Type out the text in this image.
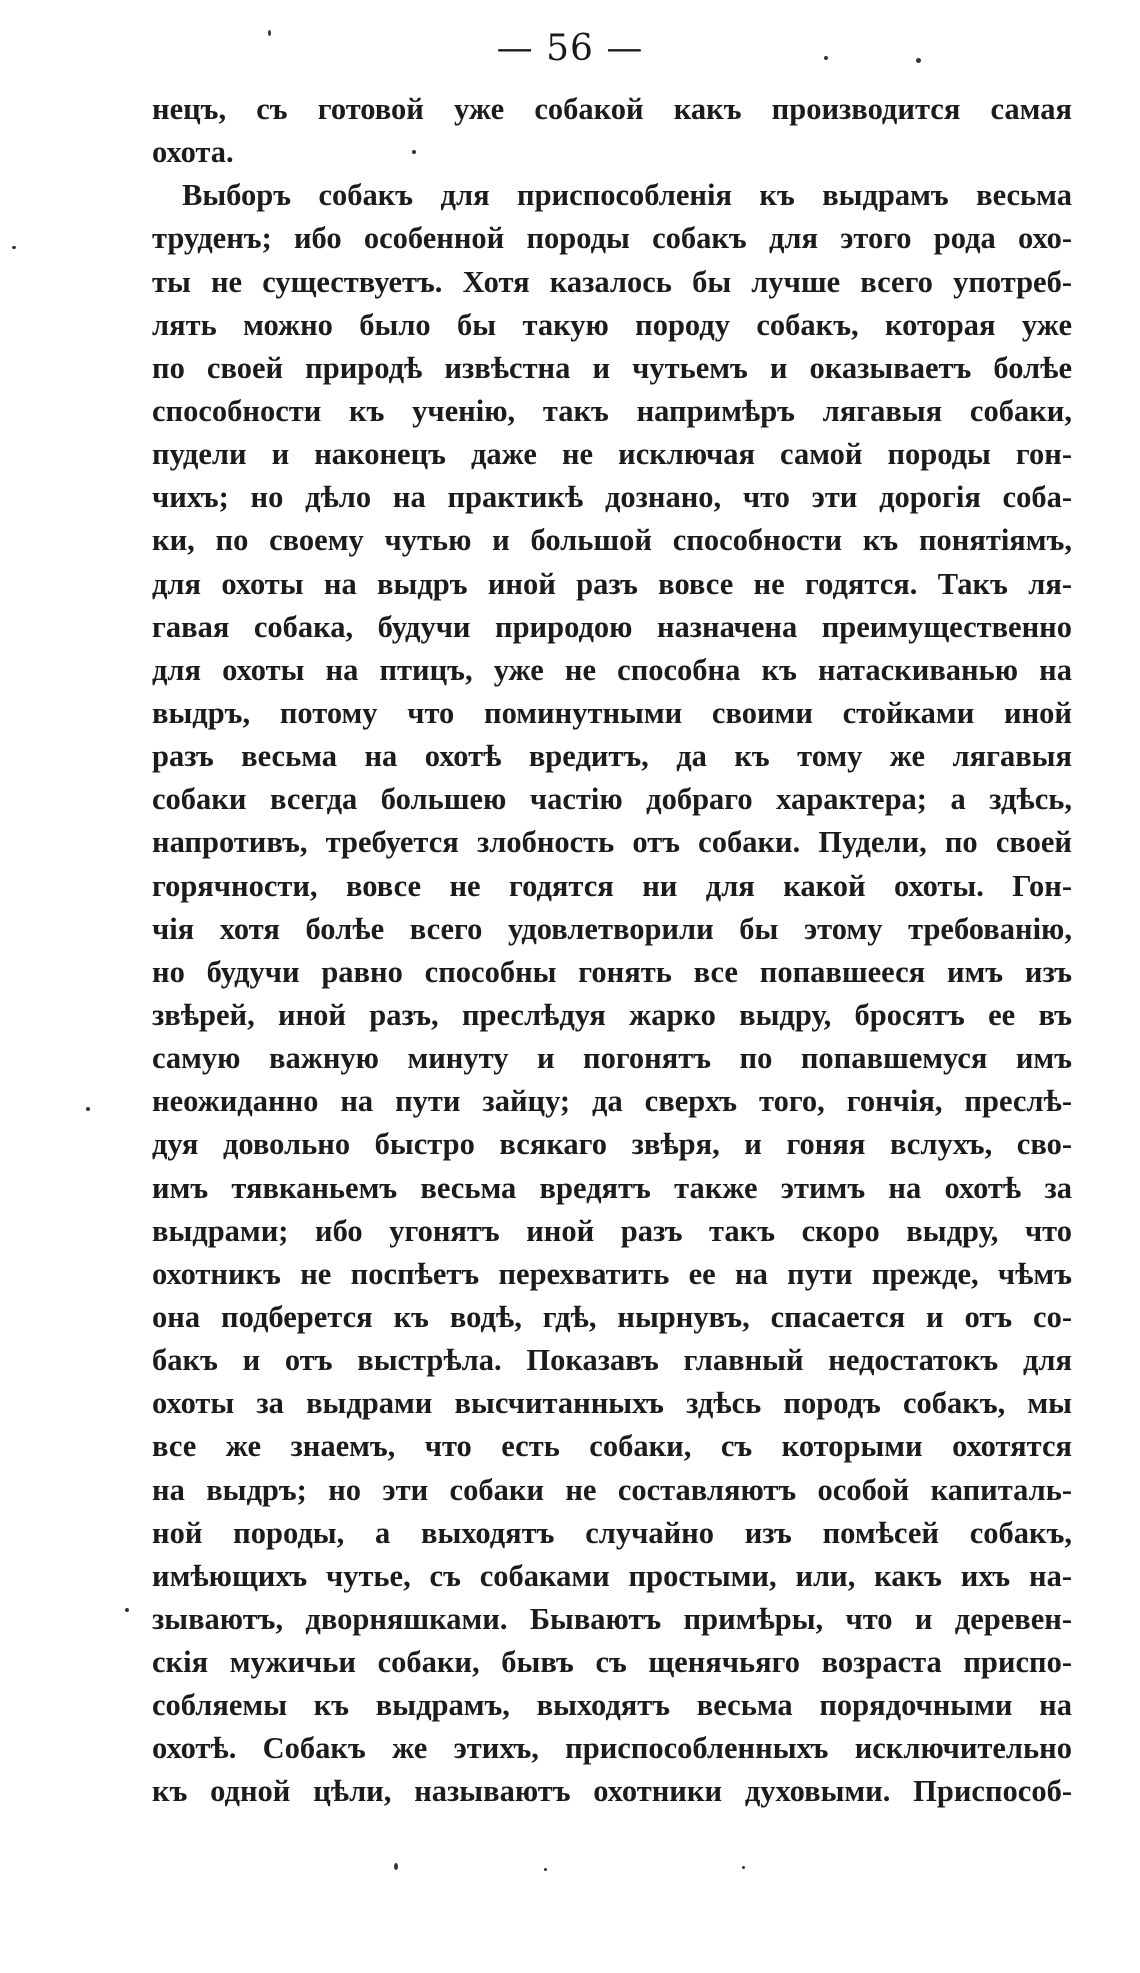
— 56 —
нецъ, съ готовой уже собакой какъ производится самая
охота.
Выборъ собакъ для приспособленія къ выдрамъ весьма
труденъ; ибо особенной породы собакъ для этого рода охо-
ты не существуетъ. Хотя казалось бы лучше всего употреб-
лять можно было бы такую породу собакъ, которая уже
по своей природѣ извѣстна и чутьемъ и оказываетъ болѣе
способности къ ученію, такъ напримѣръ лягавыя собаки,
пудели и наконецъ даже не исключая самой породы гон-
чихъ; но дѣло на практикѣ дознано, что эти дорогія соба-
ки, по своему чутью и большой способности къ понятіямъ,
для охоты на выдръ иной разъ вовсе не годятся. Такъ ля-
гавая собака, будучи природою назначена преимущественно
для охоты на птицъ, уже не способна къ натаскиванью на
выдръ, потому что поминутными своими стойками иной
разъ весьма на охотѣ вредитъ, да къ тому же лягавыя
собаки всегда большею частію добраго характера; а здѣсь,
напротивъ, требуется злобность отъ собаки. Пудели, по своей
горячности, вовсе не годятся ни для какой охоты. Гон-
чія хотя болѣе всего удовлетворили бы этому требованію,
но будучи равно способны гонять все попавшееся имъ изъ
звѣрей, иной разъ, преслѣдуя жарко выдру, бросятъ ее въ
самую важную минуту и погонятъ по попавшемуся имъ
неожиданно на пути зайцу; да сверхъ того, гончія, преслѣ-
дуя довольно быстро всякаго звѣря, и гоняя вслухъ, сво-
имъ тявканьемъ весьма вредятъ также этимъ на охотѣ за
выдрами; ибо угонятъ иной разъ такъ скоро выдру, что
охотникъ не поспѣетъ перехватить ее на пути прежде, чѣмъ
она подберется къ водѣ, гдѣ, нырнувъ, спасается и отъ со-
бакъ и отъ выстрѣла. Показавъ главный недостатокъ для
охоты за выдрами высчитанныхъ здѣсь породъ собакъ, мы
все же знаемъ, что есть собаки, съ которыми охотятся
на выдръ; но эти собаки не составляютъ особой капиталь-
ной породы, а выходятъ случайно изъ помѣсей собакъ,
имѣющихъ чутье, съ собаками простыми, или, какъ ихъ на-
зываютъ, дворняшками. Бываютъ примѣры, что и деревен-
скія мужичьи собаки, бывъ съ щенячьяго возраста приспо-
собляемы къ выдрамъ, выходятъ весьма порядочными на
охотѣ. Собакъ же этихъ, приспособленныхъ исключительно
къ одной цѣли, называютъ охотники духовыми. Приспособ-
